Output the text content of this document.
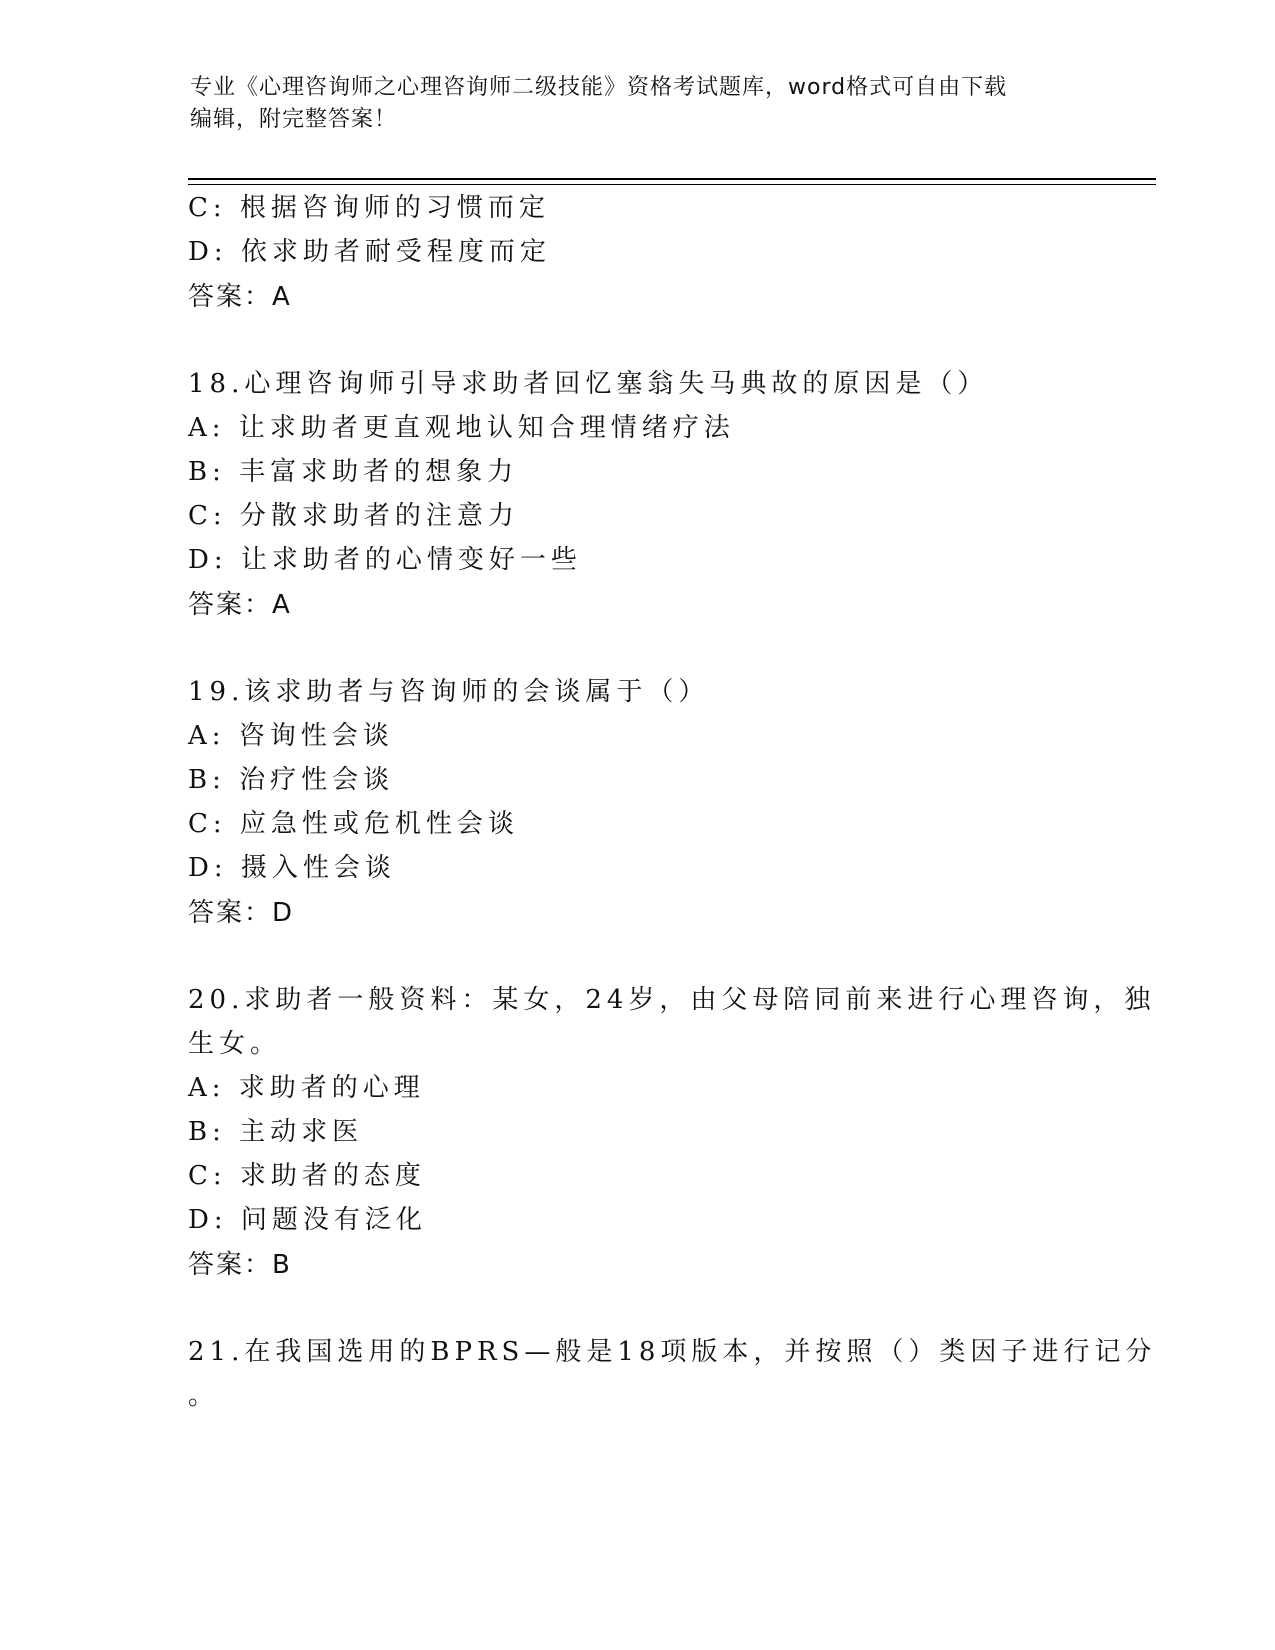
专业《心理咨询师之心理咨询师二级技能》资格考试题库，word格式可自由下载
编辑，附完整答案！
C: 根据咨询师的习惯而定
D: 依求助者耐受程度而定
答案：A
18.心理咨询师引导求助者回忆塞翁失马典故的原因是（）
A: 让求助者更直观地认知合理情绪疗法
B: 丰富求助者的想象力
C: 分散求助者的注意力
D: 让求助者的心情变好一些
答案：A
19.该求助者与咨询师的会谈属于（）
A: 咨询性会谈
B: 治疗性会谈
C: 应急性或危机性会谈
D: 摄入性会谈
答案：D
20.求助者一般资料：某女，24岁，由父母陪同前来进行心理咨询，独
生女。
A: 求助者的心理
B: 主动求医
C: 求助者的态度
D: 问题没有泛化
答案：B
21.在我国选用的BPRS—般是18项版本，并按照（）类因子进行记分
。
